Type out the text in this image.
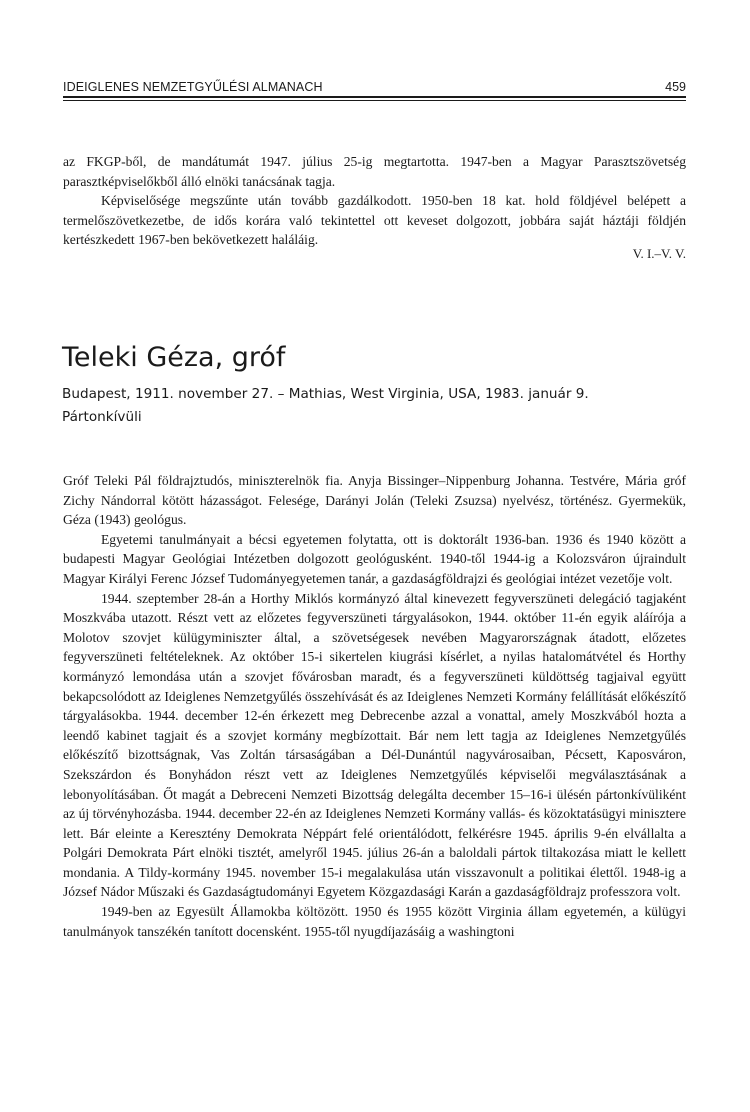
IDEIGLENES NEMZETGYŰLÉSI ALMANACH	459

az FKGP-ből, de mandátumát 1947. július 25-ig megtartotta. 1947-ben a Magyar Parasztszövetség parasztképviselőkből álló elnöki tanácsának tagja.

Képviselősége megszűnte után tovább gazdálkodott. 1950-ben 18 kat. hold földjével belépett a termelőszövetkezetbe, de idős korára való tekintettel ott keveset dolgozott, jobbára saját háztáji földjén kertészkedett 1967-ben bekövetkezett haláláig.

V. I.–V. V.
Teleki Géza, gróf
Budapest, 1911. november 27. – Mathias, West Virginia, USA, 1983. január 9.
Pártonkívüli

Gróf Teleki Pál földrajztudós, miniszterelnök fia. Anyja Bissinger–Nippenburg Johanna. Testvére, Mária gróf Zichy Nándorral kötött házasságot. Felesége, Darányi Jolán (Teleki Zsuzsa) nyelvész, történész. Gyermekük, Géza (1943) geológus.

Egyetemi tanulmányait a bécsi egyetemen folytatta, ott is doktorált 1936-ban. 1936 és 1940 között a budapesti Magyar Geológiai Intézetben dolgozott geológusként. 1940-től 1944-ig a Kolozsváron újraindult Magyar Királyi Ferenc József Tudományegyetemen tanár, a gazdaságföldrajzi és geológiai intézet vezetője volt.

1944. szeptember 28-án a Horthy Miklós kormányzó által kinevezett fegyverszüneti delegáció tagjaként Moszkvába utazott. Részt vett az előzetes fegyverszüneti tárgyalásokon, 1944. október 11-én egyik aláírója a Molotov szovjet külügyminiszter által, a szövetségesek nevében Magyarországnak átadott, előzetes fegyverszüneti feltételeknek. Az október 15-i sikertelen kiugrási kísérlet, a nyilas hatalomátvétel és Horthy kormányzó lemondása után a szovjet fővárosban maradt, és a fegyverszüneti küldöttség tagjaival együtt bekapcsolódott az Ideiglenes Nemzetgyűlés összehívását és az Ideiglenes Nemzeti Kormány felállítását előkészítő tárgyalásokba. 1944. december 12-én érkezett meg Debrecenbe azzal a vonattal, amely Moszkvából hozta a leendő kabinet tagjait és a szovjet kormány megbízottait. Bár nem lett tagja az Ideiglenes Nemzetgyűlés előkészítő bizottságnak, Vas Zoltán társaságában a Dél-Dunántúl nagyvárosaiban, Pécsett, Kaposváron, Szekszárdon és Bonyhádon részt vett az Ideiglenes Nemzetgyűlés képviselői megválasztásának a lebonyolításában. Őt magát a Debreceni Nemzeti Bizottság delegálta december 15–16-i ülésén pártonkívüliként az új törvényhozásba. 1944. december 22-én az Ideiglenes Nemzeti Kormány vallás- és közoktatásügyi minisztere lett. Bár eleinte a Keresztény Demokrata Néppárt felé orientálódott, felkérésre 1945. április 9-én elvállalta a Polgári Demokrata Párt elnöki tisztét, amelyről 1945. július 26-án a baloldali pártok tiltakozása miatt le kellett mondania. A Tildy-kormány 1945. november 15-i megalakulása után visszavonult a politikai élettől. 1948-ig a József Nádor Műszaki és Gazdaságtudományi Egyetem Közgazdasági Karán a gazdaságföldrajz professzora volt.

1949-ben az Egyesült Államokba költözött. 1950 és 1955 között Virginia állam egyetemén, a külügyi tanulmányok tanszékén tanított docensként. 1955-től nyugdíjazásáig a washingtoni
